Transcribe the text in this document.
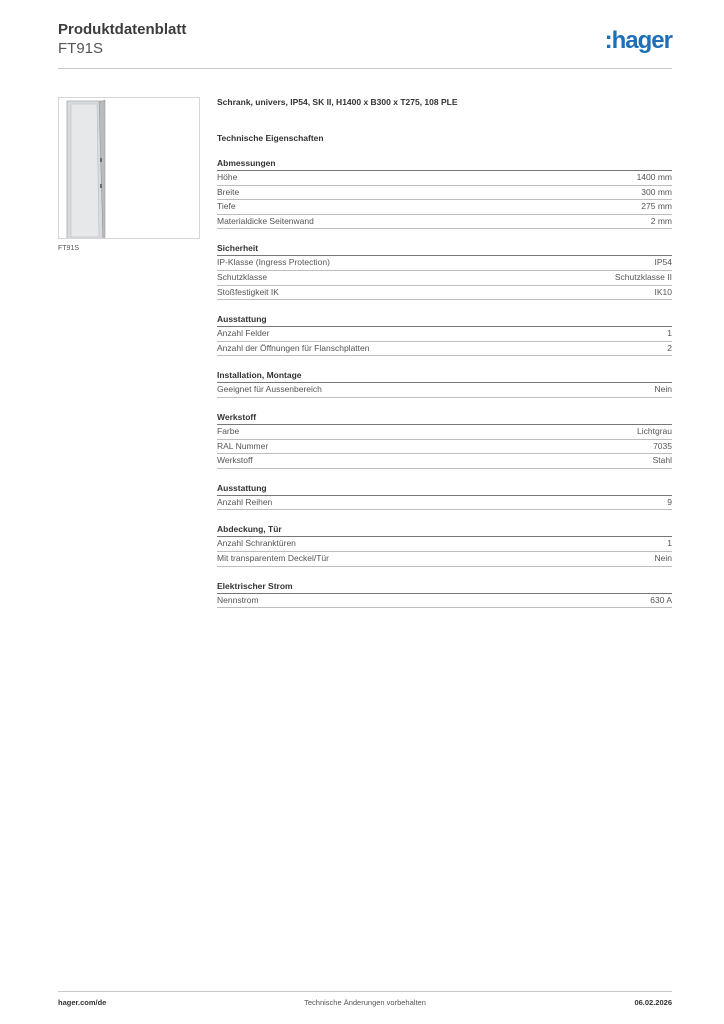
Produktdatenblatt
FT91S	:hager
FT91S
Schrank, univers, IP54, SK II, H1400 x B300 x T275, 108 PLE
Technische Eigenschaften
Abmessungen
Höhe	1400 mm
Breite	300 mm
Tiefe	275 mm
Materialdicke Seitenwand	2 mm
Sicherheit
IP-Klasse (Ingress Protection)	IP54
Schutzklasse	Schutzklasse II
Stoßfestigkeit IK	IK10
Ausstattung
Anzahl Felder	1
Anzahl der Öffnungen für Flanschplatten	2
Installation, Montage
Geeignet für Aussenbereich	Nein
Werkstoff
Farbe	Lichtgrau
RAL Nummer	7035
Werkstoff	Stahl
Ausstattung
Anzahl Reihen	9
Abdeckung, Tür
Anzahl Schranktüren	1
Mit transparentem Deckel/Tür	Nein
Elektrischer Strom
Nennstrom	630 A
hager.com/de	Technische Änderungen vorbehalten	06.02.2026
